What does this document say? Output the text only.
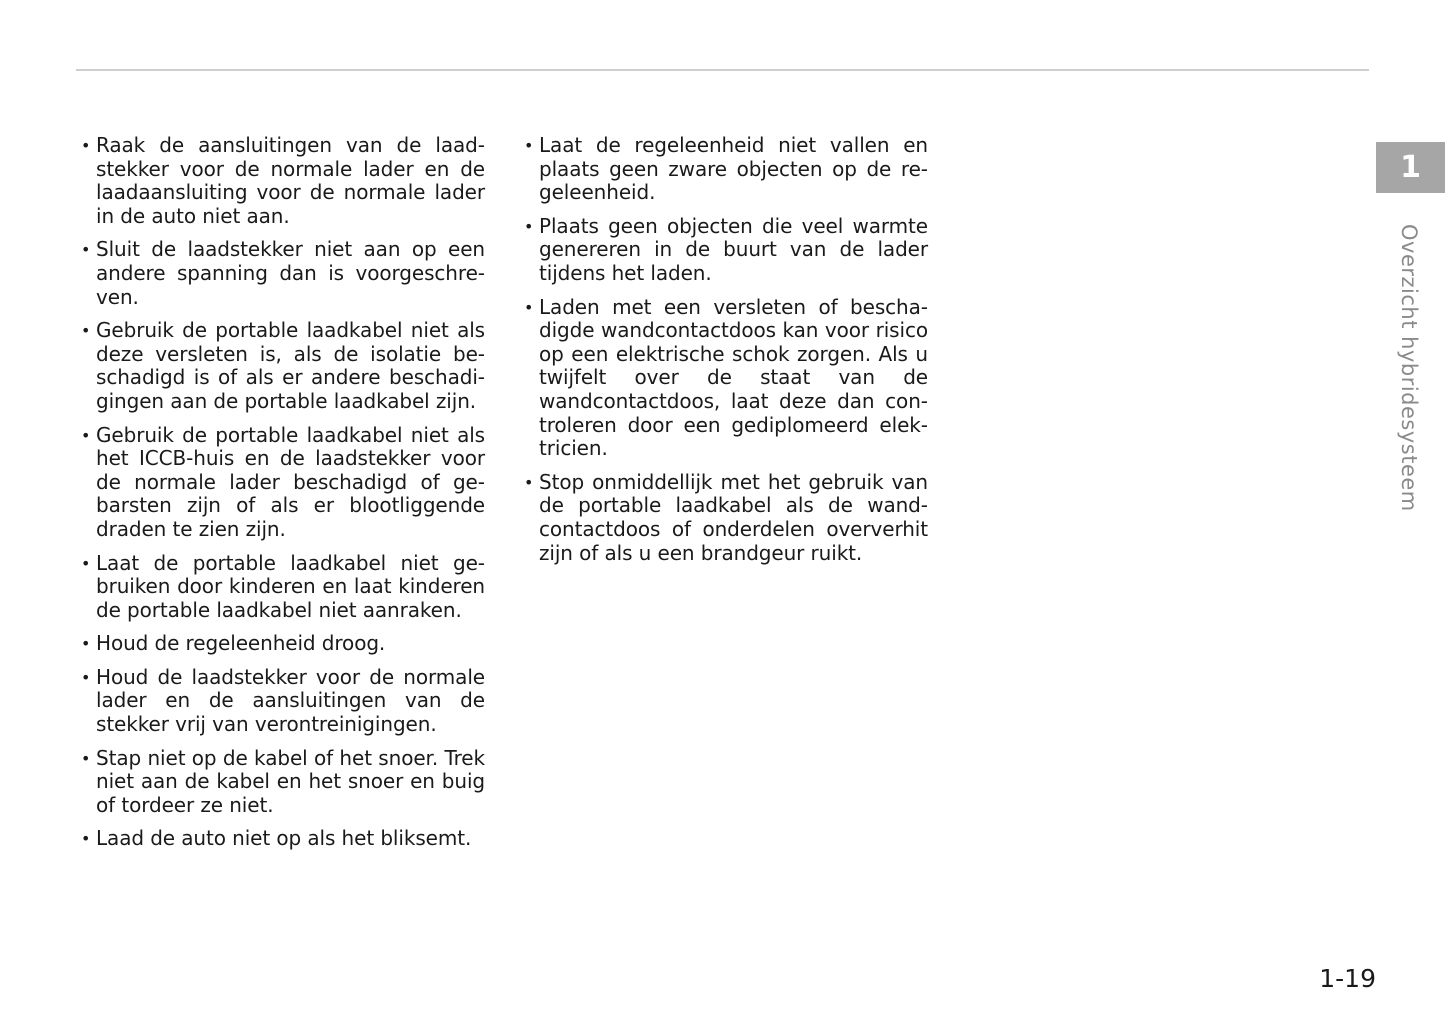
• Raak de aansluitingen van de laadstekker voor de normale lader en de laadaansluiting voor de normale lader in de auto niet aan.
• Sluit de laadstekker niet aan op een andere spanning dan is voorgeschreven.
• Gebruik de portable laadkabel niet als deze versleten is, als de isolatie beschadigd is of als er andere beschadigingen aan de portable laadkabel zijn.
• Gebruik de portable laadkabel niet als het ICCB-huis en de laadstekker voor de normale lader beschadigd of gebarsten zijn of als er blootliggende draden te zien zijn.
• Laat de portable laadkabel niet gebruiken door kinderen en laat kinderen de portable laadkabel niet aanraken.
• Houd de regeleenheid droog.
• Houd de laadstekker voor de normale lader en de aansluitingen van de stekker vrij van verontreinigingen.
• Stap niet op de kabel of het snoer. Trek niet aan de kabel en het snoer en buig of tordeer ze niet.
• Laad de auto niet op als het bliksemt.
• Laat de regeleenheid niet vallen en plaats geen zware objecten op de regeleenheid.
• Plaats geen objecten die veel warmte genereren in de buurt van de lader tijdens het laden.
• Laden met een versleten of beschadigde wandcontactdoos kan voor risico op een elektrische schok zorgen. Als u twijfelt over de staat van de wandcontactdoos, laat deze dan controleren door een gediplomeerd elektricien.
• Stop onmiddellijk met het gebruik van de portable laadkabel als de wandcontactdoos of onderdelen oververhit zijn of als u een brandgeur ruikt.
1
Overzicht hybridesysteem
1-19
